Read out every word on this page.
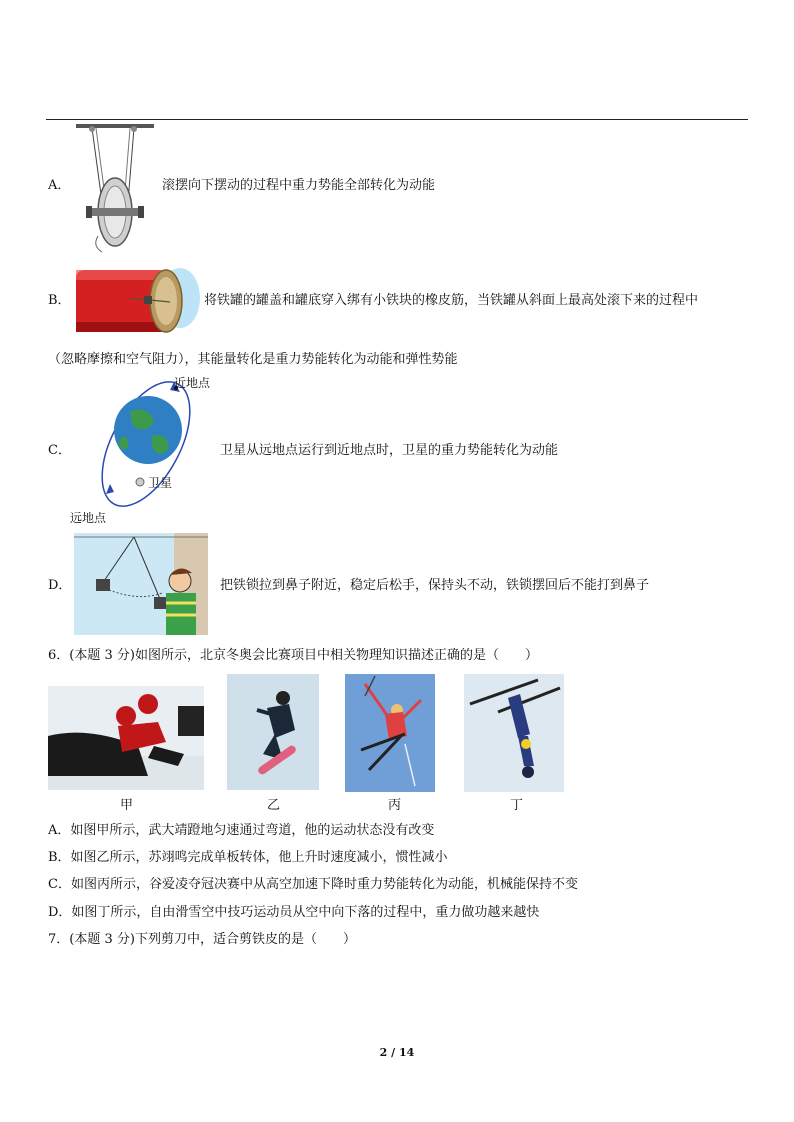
A．	滚摆向下摆动的过程中重力势能全部转化为动能
B．	将铁罐的罐盖和罐底穿入绑有小铁块的橡皮筋，当铁罐从斜面上最高处滚下来的过程中
（忽略摩擦和空气阻力），其能量转化是重力势能转化为动能和弹性势能
C．
近地点
卫星
远地点
卫星从远地点运行到近地点时，卫星的重力势能转化为动能
D．	把铁锁拉到鼻子附近，稳定后松手，保持头不动，铁锁摆回后不能打到鼻子
6．(本题 3 分)如图所示，北京冬奥会比赛项目中相关物理知识描述正确的是（　　）
甲	乙	丙	丁
A．如图甲所示，武大靖蹬地匀速通过弯道，他的运动状态没有改变
B．如图乙所示，苏翊鸣完成单板转体，他上升时速度减小，惯性减小
C．如图丙所示，谷爱凌夺冠决赛中从高空加速下降时重力势能转化为动能，机械能保持不变
D．如图丁所示，自由滑雪空中技巧运动员从空中向下落的过程中，重力做功越来越快
7．(本题 3 分)下列剪刀中，适合剪铁皮的是（　　）
2 / 14
